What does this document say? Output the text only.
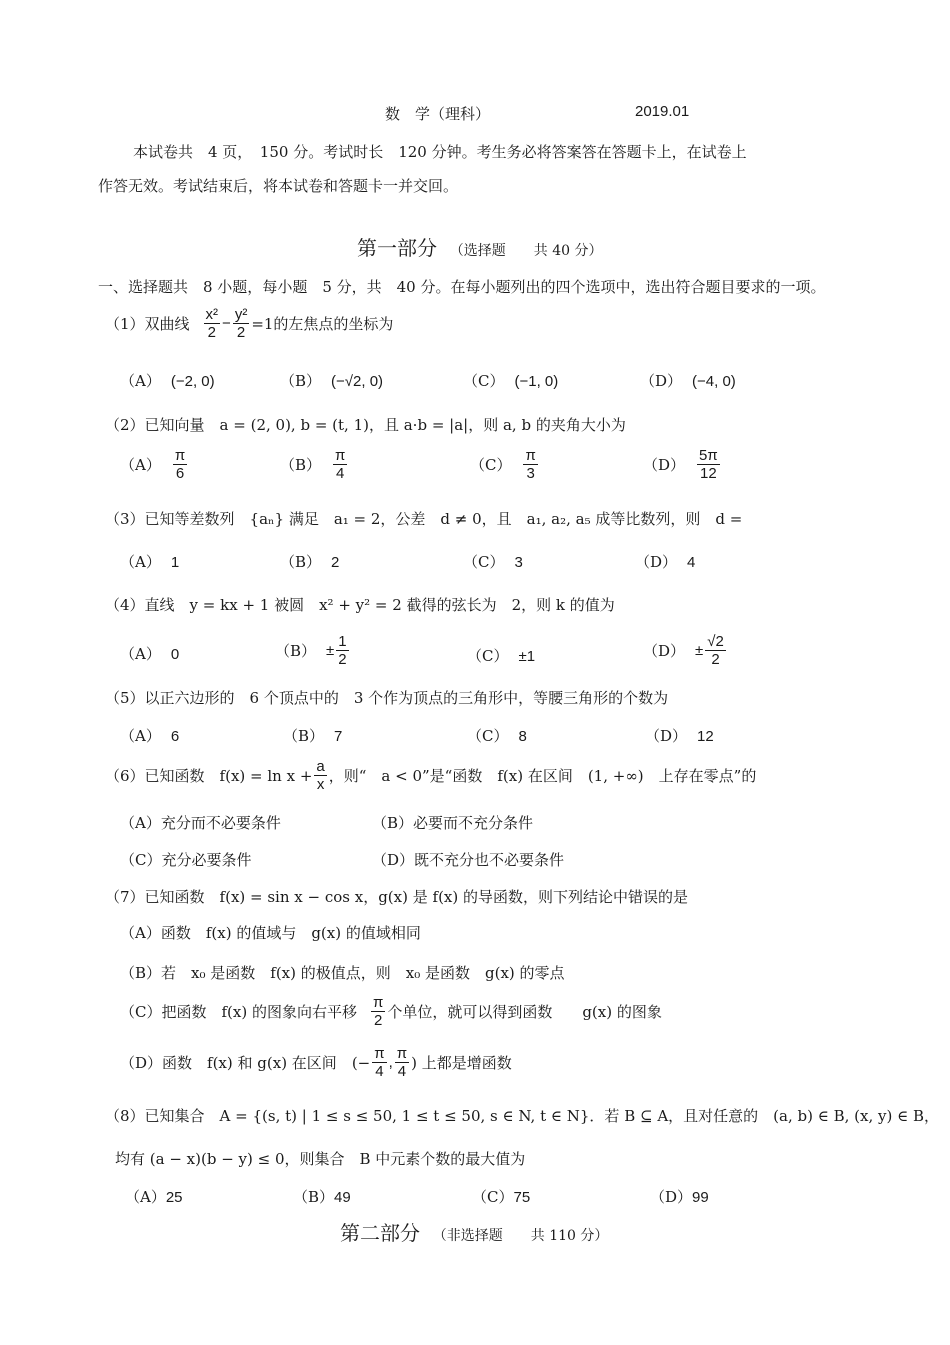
数　学（理科）	2019.01
本试卷共　4 页，　150 分。考试时长　120 分钟。考生务必将答案答在答题卡上，在试卷上
作答无效。考试结束后，将本试卷和答题卡一并交回。
第一部分 （选择题　　共 40 分）
一、选择题共　8 小题，每小题　5 分，共　40 分。在每小题列出的四个选项中，选出符合题目要求的一项。
（1）双曲线 $\frac{\text{x²}}{2} - \frac{\text{y²}}{2} =1$的左焦点的坐标为
（A） (−2, 0)	（B） (−√2, 0)	（C） (−1, 0)	（D） (−4, 0)
（2）已知向量　a = (2, 0), b = (t, 1)，且 a·b = |a|，则 a, b 的夹角大小为
$(A) \frac{\pi}{6}$	$(B) \frac{\pi}{4}$	$(C) \frac{\pi}{3}$	$(D) \frac{5\pi}{12}$
（3）已知等差数列　{aₙ} 满足　a₁ = 2，公差　d ≠ 0，且　a₁, a₂, a₅ 成等比数列，则　d =
（A） 1	（B） 2	（C） 3	（D） 4
（4）直线　y = kx + 1 被圆　x² + y² = 2 截得的弦长为　2，则 k 的值为
（A） 0	$(B) \pm \frac{1}{2}$	（C） ±1	$(D) \pm \frac{√2}{2}$
（5）以正六边形的　6 个顶点中的　3 个作为顶点的三角形中，等腰三角形的个数为
（A） 6	（B） 7	（C） 8	（D） 12
（6）已知函数　$f(x) = \ln x + \frac{a}{x}$ ，则“　a < 0”是“函数　f(x) 在区间　(1, +∞)　上存在零点”的
（A）充分而不必要条件	（B）必要而不充分条件
（C）充分必要条件	（D）既不充分也不必要条件
（7）已知函数　f(x) = sin x − cos x，g(x) 是 f(x) 的导函数，则下列结论中错误的是
（A）函数　f(x) 的值域与　g(x) 的值域相同
（B）若　x₀ 是函数　f(x) 的极值点，则　x₀ 是函数　g(x) 的零点
（C）把函数　f(x) 的图象向右平移 $\frac{\pi}{2}$ 个单位，就可以得到函数　　g(x) 的图象
（D）函数　f(x) 和 g(x) 在区间　(− $\frac{\pi}{4}$ , $\frac{\pi}{4}$ ) 上都是增函数
（8）已知集合　A = {(s, t) | 1 ≤ s ≤ 50, 1 ≤ t ≤ 50, s ∈ N, t ∈ N}．若 B ⊆ A，且对任意的　(a, b) ∈ B, (x, y) ∈ B，
均有 (a − x)(b − y) ≤ 0，则集合　B 中元素个数的最大值为
（A）25	（B）49	（C）75	（D）99
第二部分 （非选择题　　共 110 分）
